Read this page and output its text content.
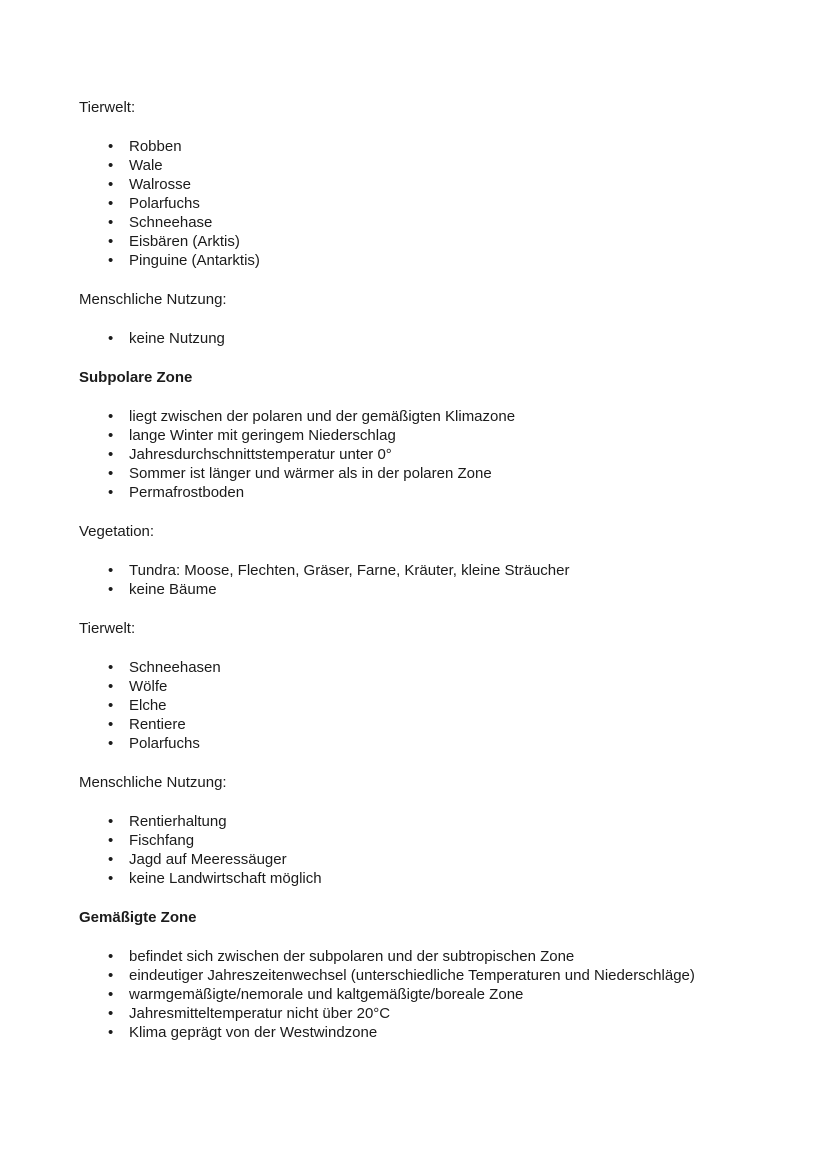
Tierwelt:

• Robben
• Wale
• Walrosse
• Polarfuchs
• Schneehase
• Eisbären (Arktis)
• Pinguine (Antarktis)

Menschliche Nutzung:

• keine Nutzung

Subpolare Zone

• liegt zwischen der polaren und der gemäßigten Klimazone
• lange Winter mit geringem Niederschlag
• Jahresdurchschnittstemperatur unter 0°
• Sommer ist länger und wärmer als in der polaren Zone
• Permafrostboden

Vegetation:

• Tundra: Moose, Flechten, Gräser, Farne, Kräuter, kleine Sträucher
• keine Bäume

Tierwelt:

• Schneehasen
• Wölfe
• Elche
• Rentiere
• Polarfuchs

Menschliche Nutzung:

• Rentierhaltung
• Fischfang
• Jagd auf Meeressäuger
• keine Landwirtschaft möglich

Gemäßigte Zone

• befindet sich zwischen der subpolaren und der subtropischen Zone
• eindeutiger Jahreszeitenwechsel (unterschiedliche Temperaturen und Niederschläge)
• warmgemäßigte/nemorale und kaltgemäßigte/boreale Zone
• Jahresmitteltemperatur nicht über 20°C
• Klima geprägt von der Westwindzone
